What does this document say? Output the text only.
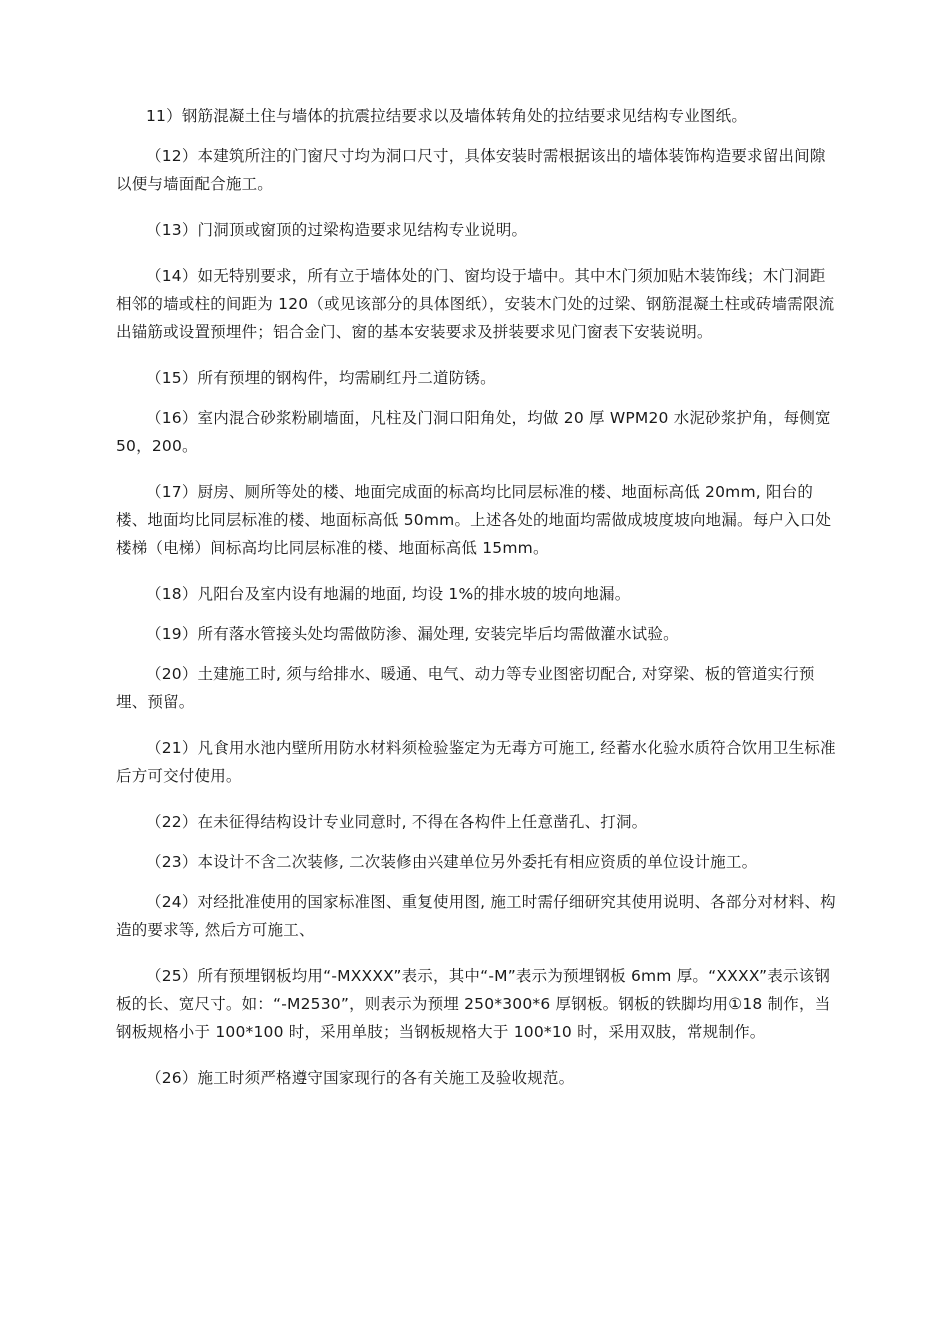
11）钢筋混凝土住与墙体的抗震拉结要求以及墙体转角处的拉结要求见结构专业图纸。

（12）本建筑所注的门窗尺寸均为洞口尺寸，具体安装时需根据该出的墙体装饰构造要求留出间隙以便与墙面配合施工。

（13）门洞顶或窗顶的过梁构造要求见结构专业说明。

（14）如无特别要求，所有立于墙体处的门、窗均设于墙中。其中木门须加贴木装饰线；木门洞距相邻的墙或柱的间距为 120（或见该部分的具体图纸），安装木门处的过梁、钢筋混凝土柱或砖墙需限流出锚筋或设置预埋件；铝合金门、窗的基本安装要求及拼装要求见门窗表下安装说明。

（15）所有预埋的钢构件，均需刷红丹二道防锈。

（16）室内混合砂浆粉刷墙面，凡柱及门洞口阳角处，均做 20 厚 WPM20 水泥砂浆护角，每侧宽 50，200。

（17）厨房、厕所等处的楼、地面完成面的标高均比同层标准的楼、地面标高低 20mm, 阳台的楼、地面均比同层标准的楼、地面标高低 50mm。上述各处的地面均需做成坡度坡向地漏。每户入口处楼梯（电梯）间标高均比同层标准的楼、地面标高低 15mm。

（18）凡阳台及室内设有地漏的地面, 均设 1%的排水坡的坡向地漏。

（19）所有落水管接头处均需做防渗、漏处理, 安装完毕后均需做灌水试验。

（20）土建施工时, 须与给排水、暖通、电气、动力等专业图密切配合, 对穿梁、板的管道实行预埋、预留。

（21）凡食用水池内壁所用防水材料须检验鉴定为无毒方可施工, 经蓄水化验水质符合饮用卫生标准后方可交付使用。

（22）在未征得结构设计专业同意时, 不得在各构件上任意凿孔、打洞。

（23）本设计不含二次装修, 二次装修由兴建单位另外委托有相应资质的单位设计施工。

（24）对经批准使用的国家标准图、重复使用图, 施工时需仔细研究其使用说明、各部分对材料、构造的要求等, 然后方可施工、

（25）所有预埋钢板均用“-MXXXX”表示，其中“-M”表示为预埋钢板 6mm 厚。“XXXX”表示该钢板的长、宽尺寸。如：“-M2530”，则表示为预埋 250*300*6 厚钢板。钢板的铁脚均用①18 制作，当钢板规格小于 100*100 时，采用单肢；当钢板规格大于 100*10 时，采用双肢，常规制作。

（26）施工时须严格遵守国家现行的各有关施工及验收规范。
